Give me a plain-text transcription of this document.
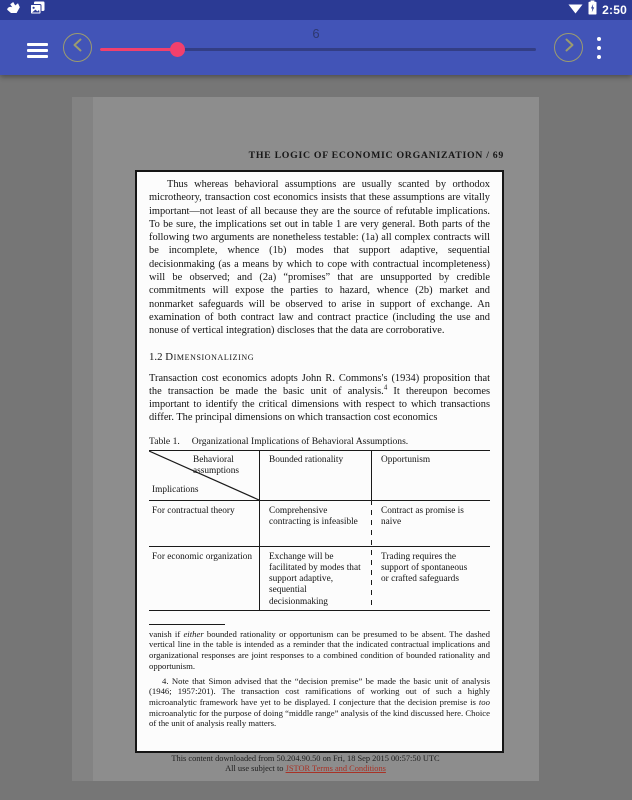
2:50
6
THE LOGIC OF ECONOMIC ORGANIZATION / 69

Thus whereas behavioral assumptions are usually scanted by orthodox microtheory, transaction cost economics insists that these assumptions are vitally important—not least of all because they are the source of refutable implications. To be sure, the implications set out in table 1 are very general. Both parts of the following two arguments are nonetheless testable: (1a) all complex contracts will be incomplete, whence (1b) modes that support adaptive, sequential decisionmaking (as a means by which to cope with contractual incompleteness) will be observed; and (2a) “promises” that are unsupported by credible commitments will expose the parties to hazard, whence (2b) market and nonmarket safeguards will be observed to arise in support of exchange. An examination of both contract law and contract practice (including the use and nonuse of vertical integration) discloses that the data are corroborative.

1.2 Dimensionalizing

Transaction cost economics adopts John R. Commons's (1934) proposition that the transaction be made the basic unit of analysis.$^4$ It thereupon becomes important to identify the critical dimensions with respect to which transactions differ. The principal dimensions on which transaction cost economics

Table 1. Organizational Implications of Behavioral Assumptions.
Behavioral assumptions
Implications
Bounded rationality	Opportunism
For contractual theory	Comprehensive contracting is infeasible
Contract as promise is naive
For economic organization Exchange will be facilitated by modes that support adaptive, sequential decisionmaking
Trading requires the support of spontaneous or crafted safeguards

vanish if either bounded rationality or opportunism can be presumed to be absent. The dashed vertical line in the table is intended as a reminder that the indicated contractual implications and organizational responses are joint responses to a combined condition of bounded rationality and opportunism.

4. Note that Simon advised that the “decision premise” be made the basic unit of analysis (1946; 1957:201). The transaction cost ramifications of working out of such a highly microanalytic framework have yet to be displayed. I conjecture that the decision premise is too microanalytic for the purpose of doing “middle range” analysis of the kind discussed here. Choice of the unit of analysis really matters.

This content downloaded from 50.204.90.50 on Fri, 18 Sep 2015 00:57:50 UTC
All use subject to JSTOR Terms and Conditions
